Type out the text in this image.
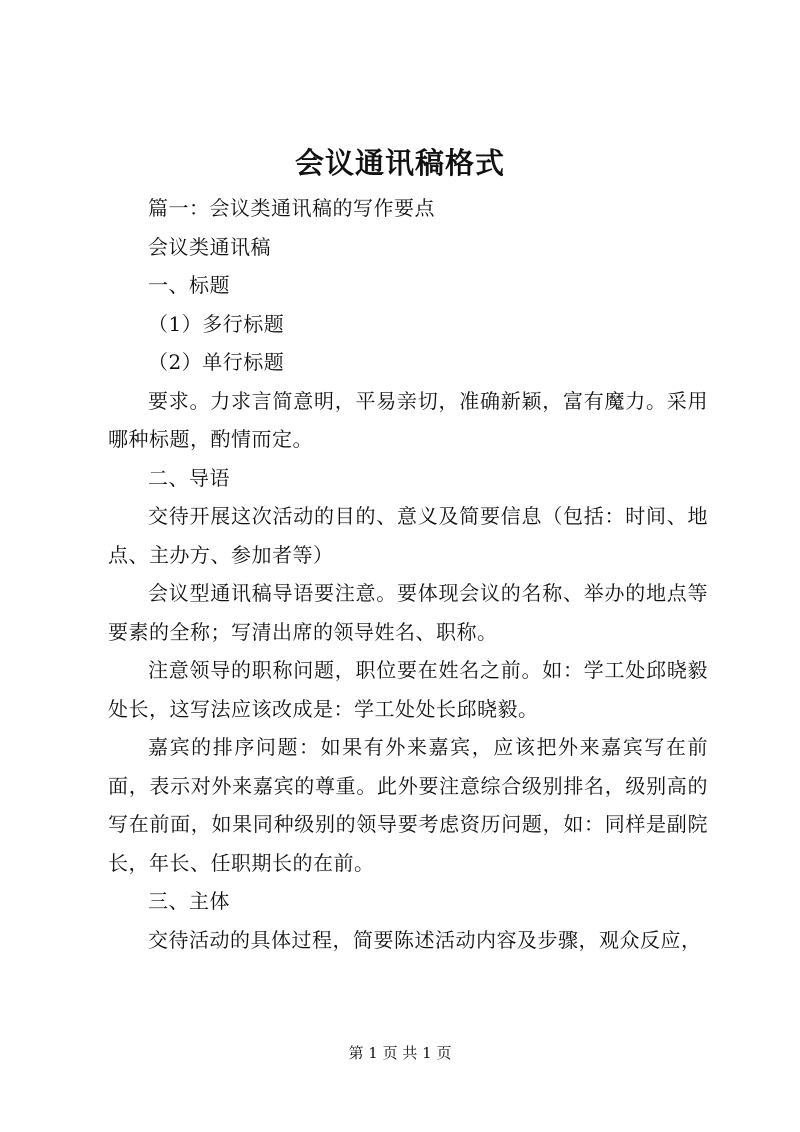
会议通讯稿格式

篇一：会议类通讯稿的写作要点

会议类通讯稿

一、标题

（1）多行标题

（2）单行标题

要求。力求言简意明，平易亲切，准确新颖，富有魔力。采用哪种标题，酌情而定。

二、导语

交待开展这次活动的目的、意义及简要信息（包括：时间、地点、主办方、参加者等）

会议型通讯稿导语要注意。要体现会议的名称、举办的地点等要素的全称；写清出席的领导姓名、职称。

注意领导的职称问题，职位要在姓名之前。如：学工处邱晓毅处长，这写法应该改成是：学工处处长邱晓毅。

嘉宾的排序问题：如果有外来嘉宾，应该把外来嘉宾写在前面，表示对外来嘉宾的尊重。此外要注意综合级别排名，级别高的写在前面，如果同种级别的领导要考虑资历问题，如：同样是副院长，年长、任职期长的在前。

三、主体

交待活动的具体过程，简要陈述活动内容及步骤，观众反应，

第 1 页 共 1 页
